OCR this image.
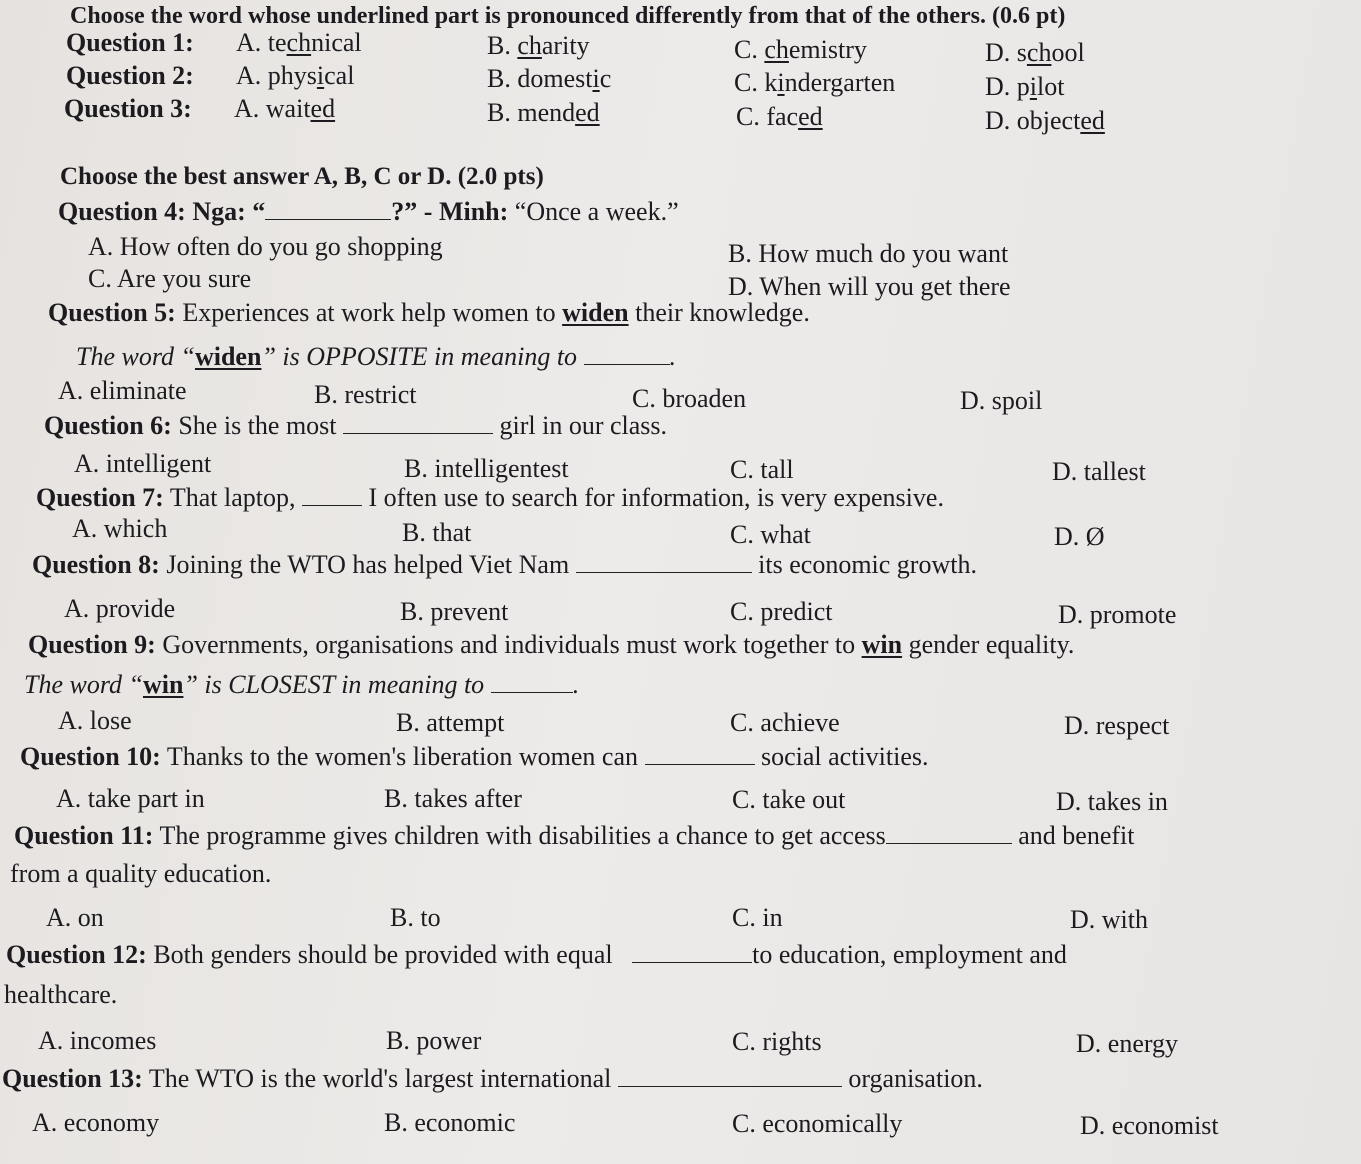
Choose the word whose underlined part is pronounced differently from that of the others. (0.6 pt)
Question 1: A. technical	B. charity	C. chemistry	D. school
Question 2: A. physical	B. domestic	C. kindergarten	D. pilot
Question 3: A. waited	B. mended	C. faced	D. objected
Choose the best answer A, B, C or D. (2.0 pts)
Question 4: Nga: “	?” - Minh: “Once a week.”
A. How often do you go shopping	B. How much do you want
C. Are you sure	D. When will you get there
Question 5: Experiences at work help women to widen their knowledge.
The word “widen” is OPPOSITE in meaning to	.
A. eliminate	B. restrict	C. broaden	D. spoil
Question 6: She is the most	girl in our class.
A. intelligent	B. intelligentest	C. tall	D. tallest
Question 7: That laptop,  I often use to search for information, is very expensive.
A. which	B. that	C. what	D. Ø
Question 8: Joining the WTO has helped Viet Nam	its economic growth.
A. provide	B. prevent	C. predict	D. promote
Question 9: Governments, organisations and individuals must work together to win gender equality.
The word “win” is CLOSEST in meaning to	.
A. lose	B. attempt	C. achieve	D. respect
Question 10: Thanks to the women's liberation women can	social activities.
A. take part in	B. takes after	C. take out	D. takes in
Question 11: The programme gives children with disabilities a chance to get access	and benefit
from a quality education.
A. on	B. to	C. in	D. with
Question 12: Both genders should be provided with equal	to education, employment and
healthcare.
A. incomes	B. power	C. rights	D. energy
Question 13: The WTO is the world's largest international	organisation.
A. economy	B. economic	C. economically	D. economist
